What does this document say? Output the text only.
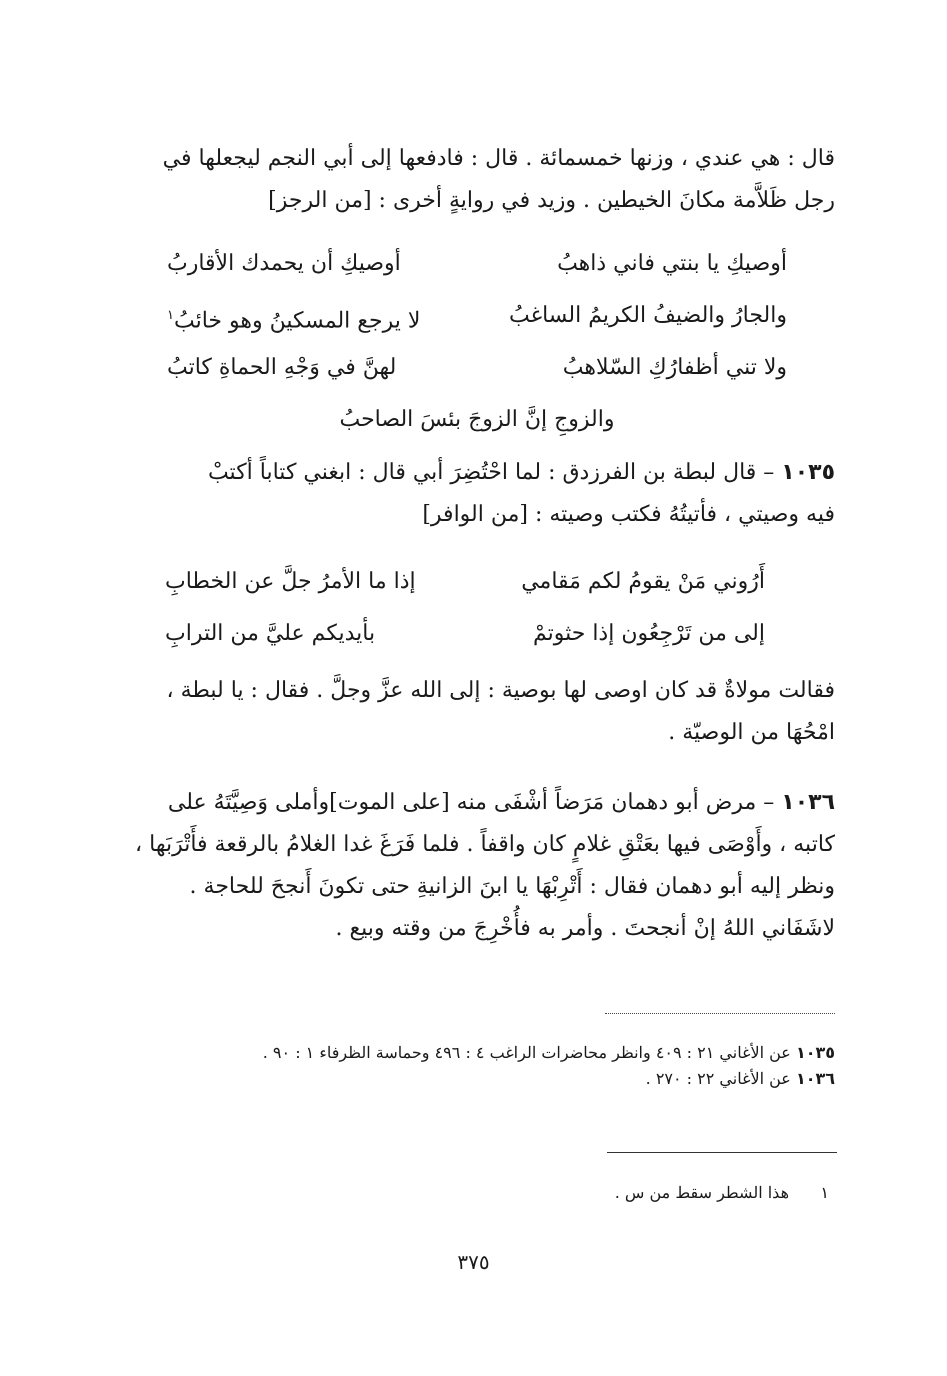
قال : هي عندي ، وزنها خمسمائة . قال : فادفعها إلى أبي النجم ليجعلها في

رجل ظَلاَّمة مكانَ الخيطين . وزيد في روايةٍ أخرى : [من الرجز]

أوصيكِ يا بنتي فاني ذاهبُ
أوصيكِ أن يحمدك الأقاربُ
والجارُ والضيفُ الكريمُ الساغبُ
لا يرجع المسكينُ وهو خائبُ$^١$
ولا تني أظفارُكِ السّلاهبُ
لهنَّ في وَجْهِ الحماةِ كاتبُ
والزوجِ إنَّ الزوجَ بئسَ الصاحبُ

١٠٣٥ – قال لبطة بن الفرزدق : لما احْتُضِرَ أبي قال : ابغني كتاباً أكتبْ

فيه وصيتي ، فأتيتُهُ فكتب وصيته : [من الوافر]

أَرُوني مَنْ يقومُ لكم مَقامي
إذا ما الأمرُ جلَّ عن الخطابِ
إلى من تَرْجِعُون إذا حثوتمْ
بأيديكم عليَّ من الترابِ

فقالت مولاةٌ قد كان اوصى لها بوصية : إلى الله عزَّ وجلَّ . فقال : يا لبطة ،

امْحُهَا من الوصيّة .

١٠٣٦ – مرض أبو دهمان مَرَضاً أشْفَى منه [على الموت]وأملى وَصِيَّتَهُ على

كاتبه ، وأَوْصَى فيها بعَتْقِ غلامٍ كان واقفاً . فلما فَرَغَ غدا الغلامُ بالرقعة فأَتْرَبَها ،

ونظر إليه أبو دهمان فقال : أَتْرِبْهَا يا ابنَ الزانيةِ حتى تكونَ أَنجحَ للحاجة .

لاشَفَاني اللهُ إنْ أنجحتَ . وأمر به فأُخْرِجَ من وقته وبيع .

١٠٣٥ عن الأغاني ٢١ : ٤٠٩ وانظر محاضرات الراغب ٤ : ٤٩٦ وحماسة الظرفاء ١ : ٩٠ .
١٠٣٦ عن الأغاني ٢٢ : ٢٧٠ .
١هذا الشطر سقط من س .
٣٧٥
